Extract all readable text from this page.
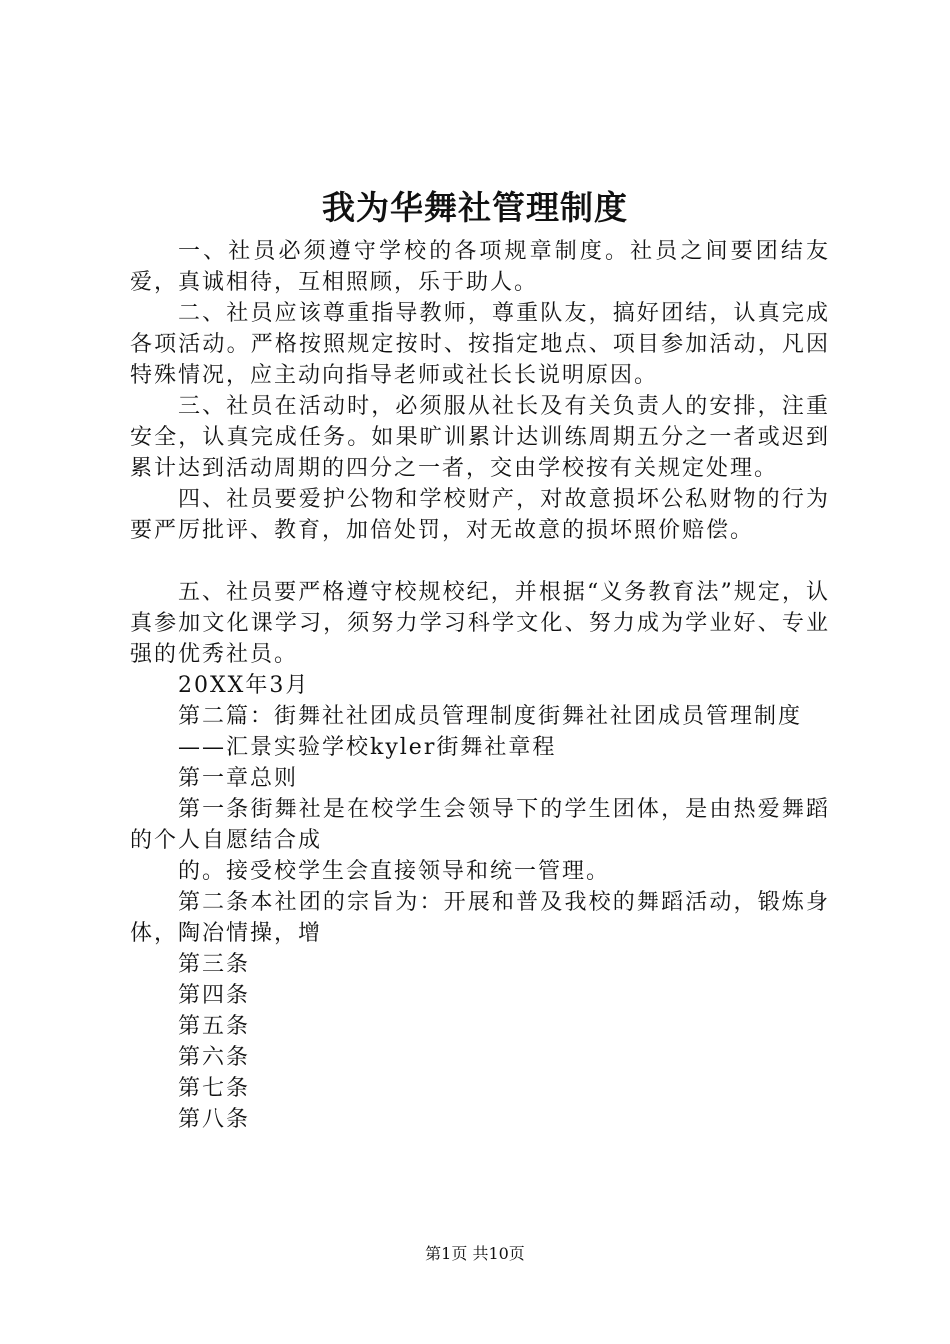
我为华舞社管理制度

一、社员必须遵守学校的各项规章制度。社员之间要团结友爱，真诚相待，互相照顾，乐于助人。

二、社员应该尊重指导教师，尊重队友，搞好团结，认真完成各项活动。严格按照规定按时、按指定地点、项目参加活动，凡因特殊情况，应主动向指导老师或社长长说明原因。

三、社员在活动时，必须服从社长及有关负责人的安排，注重安全，认真完成任务。如果旷训累计达训练周期五分之一者或迟到累计达到活动周期的四分之一者，交由学校按有关规定处理。

四、社员要爱护公物和学校财产，对故意损坏公私财物的行为要严厉批评、教育，加倍处罚，对无故意的损坏照价赔偿。

五、社员要严格遵守校规校纪，并根据“义务教育法”规定，认真参加文化课学习，须努力学习科学文化、努力成为学业好、专业强的优秀社员。

20XX年3月

第二篇：街舞社社团成员管理制度街舞社社团成员管理制度

——汇景实验学校kyler街舞社章程

第一章总则

第一条街舞社是在校学生会领导下的学生团体，是由热爱舞蹈的个人自愿结合成

的。接受校学生会直接领导和统一管理。

第二条本社团的宗旨为：开展和普及我校的舞蹈活动，锻炼身体，陶冶情操，增

第三条

第四条

第五条

第六条

第七条

第八条

第1页 共10页
